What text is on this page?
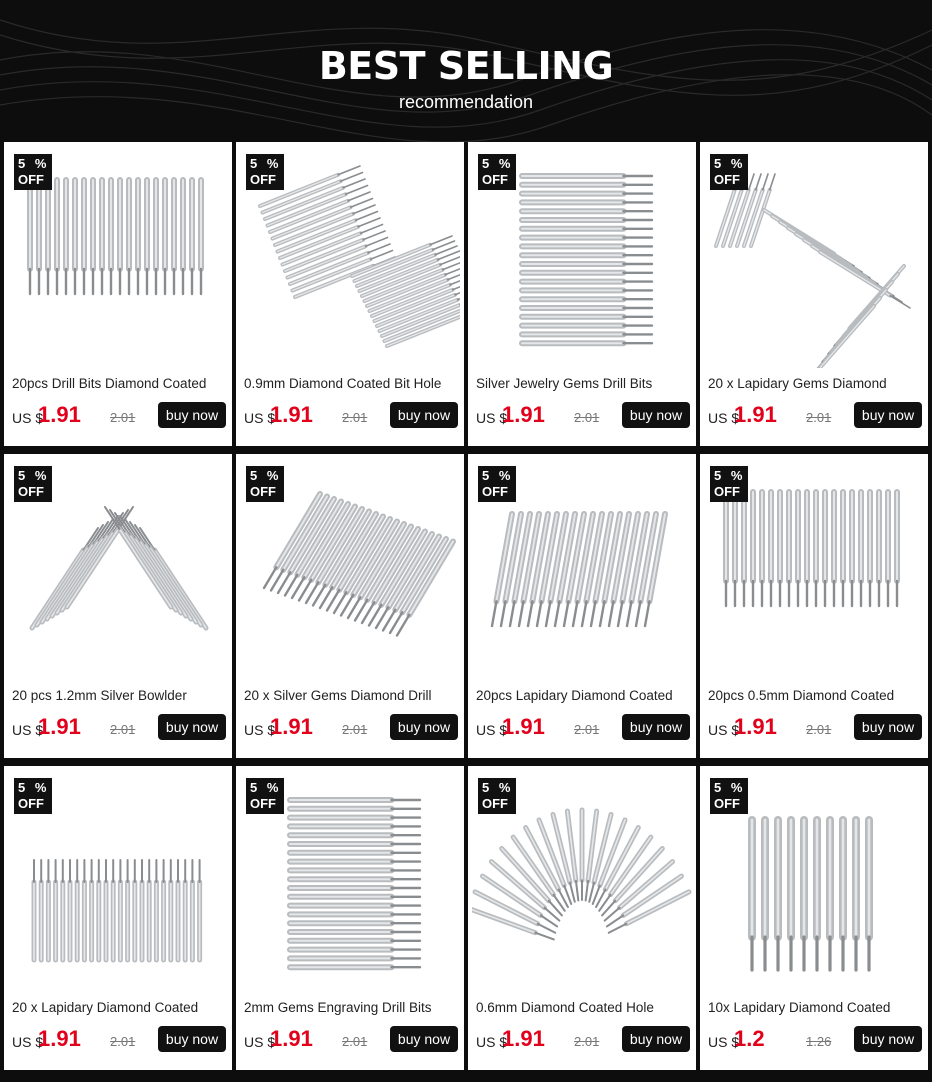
BEST SELLING
recommendation
5 %
OFF
20pcs Drill Bits Diamond Coated
US $
1.91 2.01	buy now
5 %
OFF
0.9mm Diamond Coated Bit Hole
US $
1.91 2.01	buy now
5 %
OFF
Silver Jewelry Gems Drill Bits
US $
1.91 2.01	buy now
5 %
OFF
20 x Lapidary Gems Diamond
US $
1.91 2.01	buy now
5 %
OFF
20 pcs 1.2mm Silver Bowlder
US $
1.91 2.01	buy now
5 %
OFF
20 x Silver Gems Diamond Drill
US $
1.91 2.01	buy now
5 %
OFF
20pcs Lapidary Diamond Coated
US $
1.91 2.01	buy now
5 %
OFF
20pcs 0.5mm Diamond Coated
US $
1.91 2.01	buy now
5 %
OFF
20 x Lapidary Diamond Coated
US $
1.91 2.01	buy now
5 %
OFF
2mm Gems Engraving Drill Bits
US $
1.91 2.01	buy now
5 %
OFF
0.6mm Diamond Coated Hole
US $
1.91 2.01	buy now
5 %
OFF
10x Lapidary Diamond Coated
US $
1.2	1.26	buy now
